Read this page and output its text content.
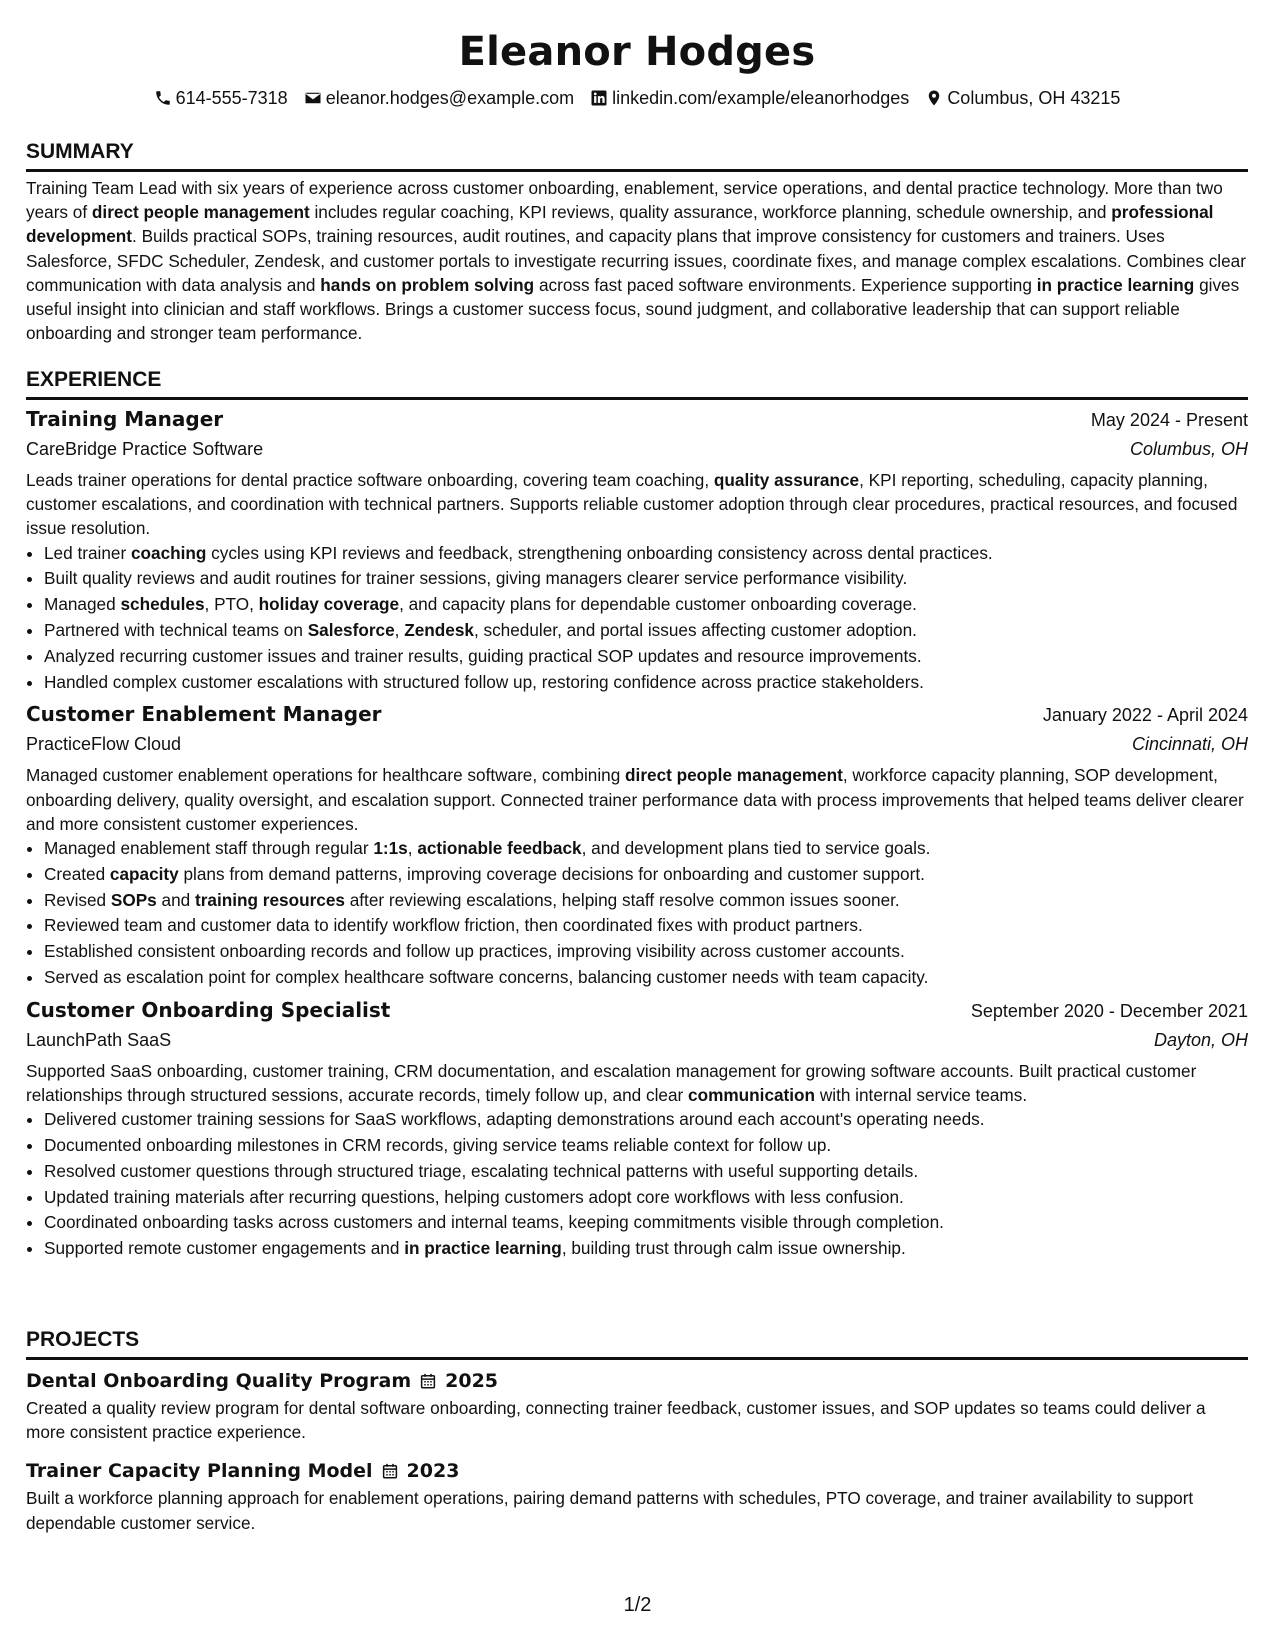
Eleanor Hodges
614-555-7318 eleanor.hodges@example.com linkedin.com/example/eleanorhodges Columbus, OH 43215
SUMMARY

Training Team Lead with six years of experience across customer onboarding, enablement, service operations, and dental practice technology. More than two years of direct people management includes regular coaching, KPI reviews, quality assurance, workforce planning, schedule ownership, and professional development. Builds practical SOPs, training resources, audit routines, and capacity plans that improve consistency for customers and trainers. Uses Salesforce, SFDC Scheduler, Zendesk, and customer portals to investigate recurring issues, coordinate fixes, and manage complex escalations. Combines clear communication with data analysis and hands on problem solving across fast paced software environments. Experience supporting in practice learning gives useful insight into clinician and staff workflows. Brings a customer success focus, sound judgment, and collaborative leadership that can support reliable onboarding and stronger team performance.

EXPERIENCE
Training Manager	May 2024 - Present
CareBridge Practice Software	Columbus, OH

Leads trainer operations for dental practice software onboarding, covering team coaching, quality assurance, KPI reporting, scheduling, capacity planning, customer escalations, and coordination with technical partners. Supports reliable customer adoption through clear procedures, practical resources, and focused issue resolution.

• Led trainer coaching cycles using KPI reviews and feedback, strengthening onboarding consistency across dental practices.
• Built quality reviews and audit routines for trainer sessions, giving managers clearer service performance visibility.
• Managed schedules, PTO, holiday coverage, and capacity plans for dependable customer onboarding coverage.
• Partnered with technical teams on Salesforce, Zendesk, scheduler, and portal issues affecting customer adoption.
• Analyzed recurring customer issues and trainer results, guiding practical SOP updates and resource improvements.
• Handled complex customer escalations with structured follow up, restoring confidence across practice stakeholders.
Customer Enablement Manager	January 2022 - April 2024
PracticeFlow Cloud	Cincinnati, OH

Managed customer enablement operations for healthcare software, combining direct people management, workforce capacity planning, SOP development, onboarding delivery, quality oversight, and escalation support. Connected trainer performance data with process improvements that helped teams deliver clearer and more consistent customer experiences.

• Managed enablement staff through regular 1:1s, actionable feedback, and development plans tied to service goals.
• Created capacity plans from demand patterns, improving coverage decisions for onboarding and customer support.
• Revised SOPs and training resources after reviewing escalations, helping staff resolve common issues sooner.
• Reviewed team and customer data to identify workflow friction, then coordinated fixes with product partners.
• Established consistent onboarding records and follow up practices, improving visibility across customer accounts.
• Served as escalation point for complex healthcare software concerns, balancing customer needs with team capacity.
Customer Onboarding Specialist	September 2020 - December 2021
LaunchPath SaaS	Dayton, OH

Supported SaaS onboarding, customer training, CRM documentation, and escalation management for growing software accounts. Built practical customer relationships through structured sessions, accurate records, timely follow up, and clear communication with internal service teams.

• Delivered customer training sessions for SaaS workflows, adapting demonstrations around each account's operating needs.
• Documented onboarding milestones in CRM records, giving service teams reliable context for follow up.
• Resolved customer questions through structured triage, escalating technical patterns with useful supporting details.
• Updated training materials after recurring questions, helping customers adopt core workflows with less confusion.
• Coordinated onboarding tasks across customers and internal teams, keeping commitments visible through completion.
• Supported remote customer engagements and in practice learning, building trust through calm issue ownership.
PROJECTS
Dental Onboarding Quality Program 2025

Created a quality review program for dental software onboarding, connecting trainer feedback, customer issues, and SOP updates so teams could deliver a more consistent practice experience.

Trainer Capacity Planning Model 2023

Built a workforce planning approach for enablement operations, pairing demand patterns with schedules, PTO coverage, and trainer availability to support dependable customer service.

1/2
